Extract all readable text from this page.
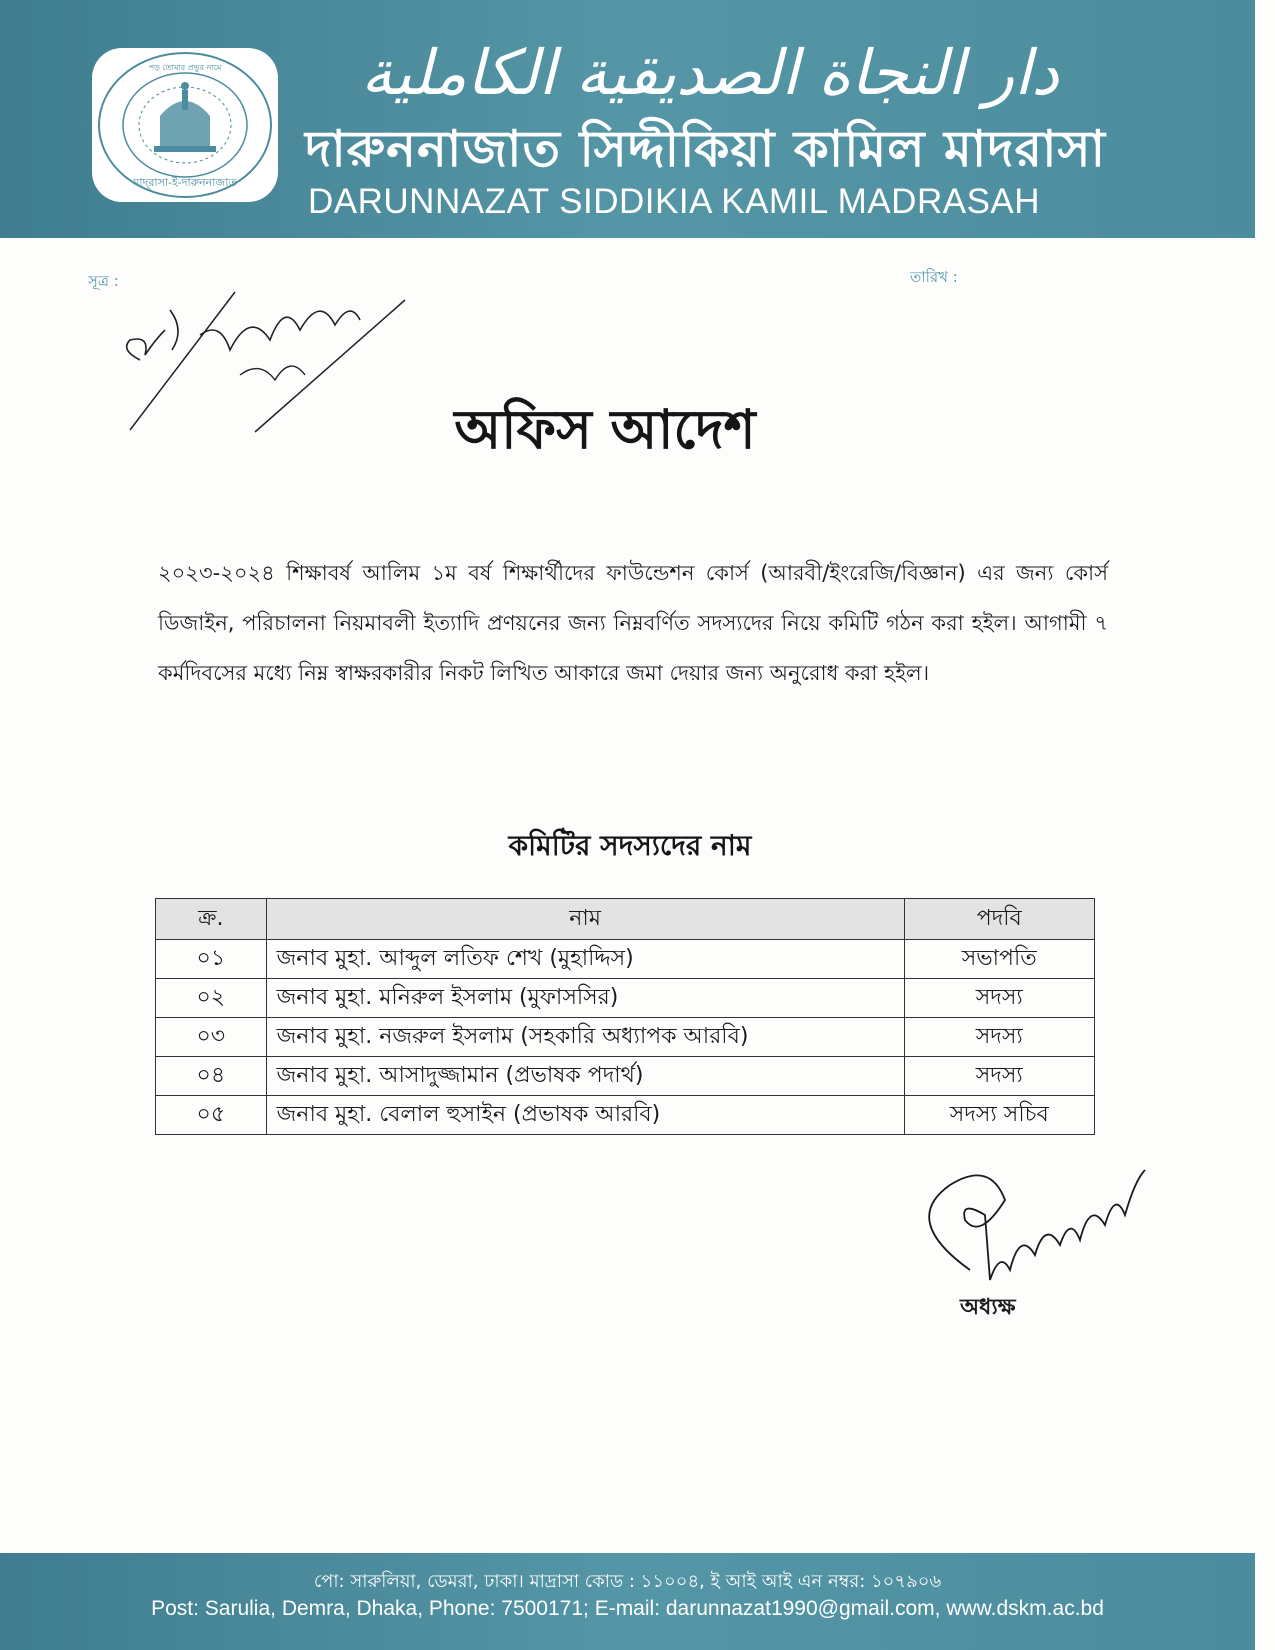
মাদ্‌রাসা-ই-দারুননাজাত
পড় তোমার প্রভুর নামে	دار النجاة الصديقية الكاملية
দারুননাজাত সিদ্দীকিয়া কামিল মাদরাসা
DARUNNAZAT SIDDIKIA KAMIL MADRASAH
সূত্র :	তারিখ :
অফিস আদেশ
২০২৩-২০২৪ শিক্ষাবর্ষ আলিম ১ম বর্ষ শিক্ষার্থীদের ফাউন্ডেশন কোর্স (আরবী/ইংরেজি/বিজ্ঞান) এর জন্য কোর্স ডিজাইন, পরিচালনা নিয়মাবলী ইত্যাদি প্রণয়নের জন্য নিম্নবর্ণিত সদস্যদের নিয়ে কমিটি গঠন করা হইল। আগামী ৭ কর্মদিবসের মধ্যে নিম্ন স্বাক্ষরকারীর নিকট লিখিত আকারে জমা দেয়ার জন্য অনুরোধ করা হইল।
কমিটির সদস্যদের নাম
ক্র.	নাম	পদবি
০১	জনাব মুহা. আব্দুল লতিফ শেখ (মুহাদ্দিস)	সভাপতি
০২	জনাব মুহা. মনিরুল ইসলাম (মুফাসসির)	সদস্য
০৩	জনাব মুহা. নজরুল ইসলাম (সহকারি অধ্যাপক আরবি)	সদস্য
০৪	জনাব মুহা. আসাদুজ্জামান (প্রভাষক পদার্থ)	সদস্য
০৫	জনাব মুহা. বেলাল হুসাইন (প্রভাষক আরবি)	সদস্য সচিব
অধ্যক্ষ
পো: সারুলিয়া, ডেমরা, ঢাকা। মাদ্রাসা কোড : ১১০০৪, ই আই আই এন নম্বর: ১০৭৯০৬
Post: Sarulia, Demra, Dhaka, Phone: 7500171; E-mail: darunnazat1990@gmail.com, www.dskm.ac.bd
